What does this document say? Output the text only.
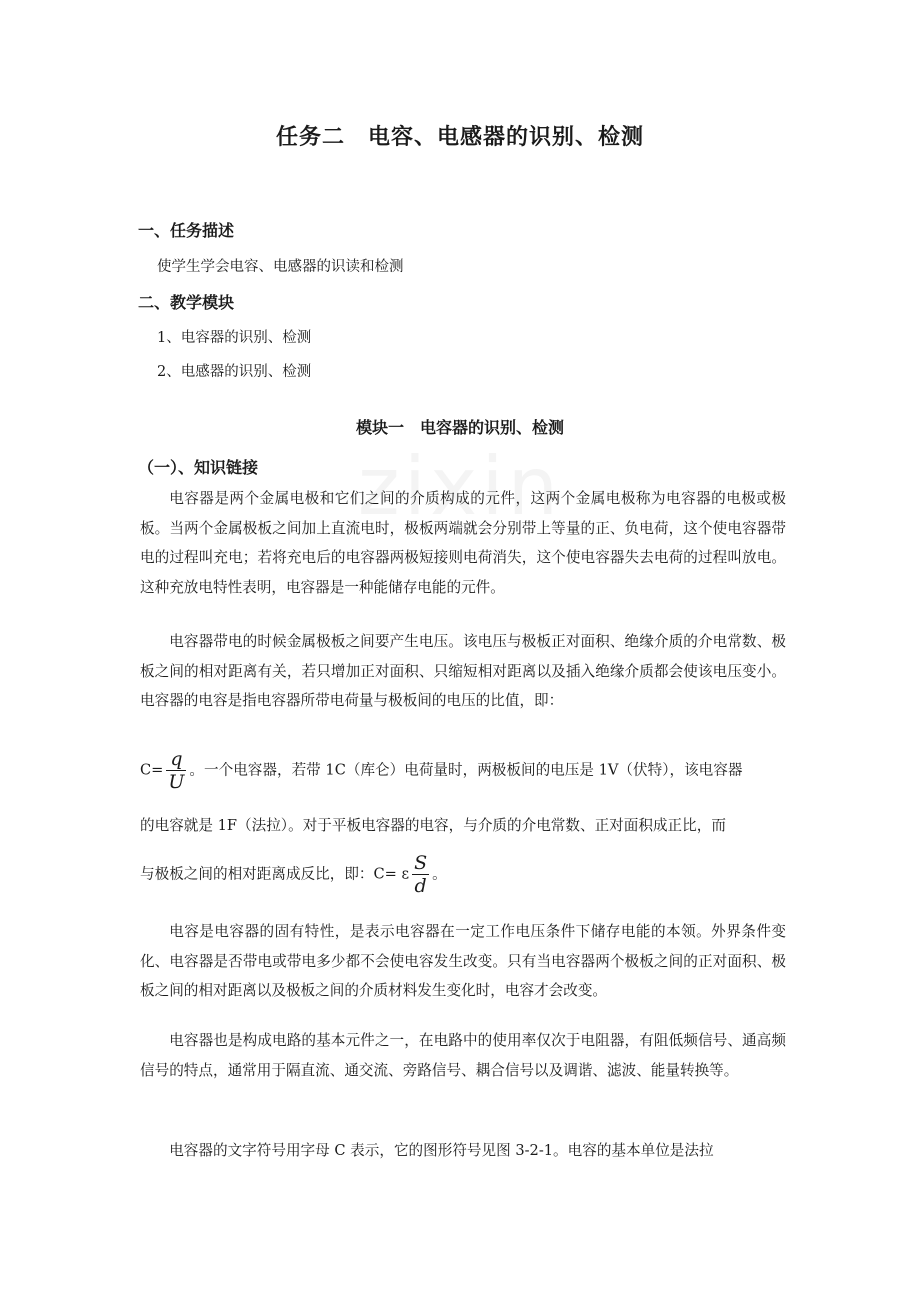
任务二　电容、电感器的识别、检测
一、任务描述
使学生学会电容、电感器的识读和检测
二、教学模块
1、电容器的识别、检测
2、电感器的识别、检测
模块一　电容器的识别、检测
（一）、知识链接
电容器是两个金属电极和它们之间的介质构成的元件，这两个金属电极称为电容器的电极或极板。当两个金属极板之间加上直流电时，极板两端就会分别带上等量的正、负电荷，这个使电容器带电的过程叫充电；若将充电后的电容器两极短接则电荷消失，这个使电容器失去电荷的过程叫放电。这种充放电特性表明，电容器是一种能储存电能的元件。
电容器带电的时候金属极板之间要产生电压。该电压与极板正对面积、绝缘介质的介电常数、极板之间的相对距离有关，若只增加正对面积、只缩短相对距离以及插入绝缘介质都会使该电压变小。电容器的电容是指电容器所带电荷量与极板间的电压的比值，即：
$C= \frac{q}{U}$ 。一个电容器，若带 1C（库仑）电荷量时，两极板间的电压是 1V（伏特），该电容器
的电容就是 1F（法拉）。对于平板电容器的电容，与介质的介电常数、正对面积成正比，而
与极板之间的相对距离成反比，即：C= ε $\frac{S}{d}$ 。
电容是电容器的固有特性，是表示电容器在一定工作电压条件下储存电能的本领。外界条件变化、电容器是否带电或带电多少都不会使电容发生改变。只有当电容器两个极板之间的正对面积、极板之间的相对距离以及极板之间的介质材料发生变化时，电容才会改变。
电容器也是构成电路的基本元件之一，在电路中的使用率仅次于电阻器，有阻低频信号、通高频信号的特点，通常用于隔直流、通交流、旁路信号、耦合信号以及调谐、滤波、能量转换等。
电容器的文字符号用字母 C 表示，它的图形符号见图 3-2-1。电容的基本单位是法拉
